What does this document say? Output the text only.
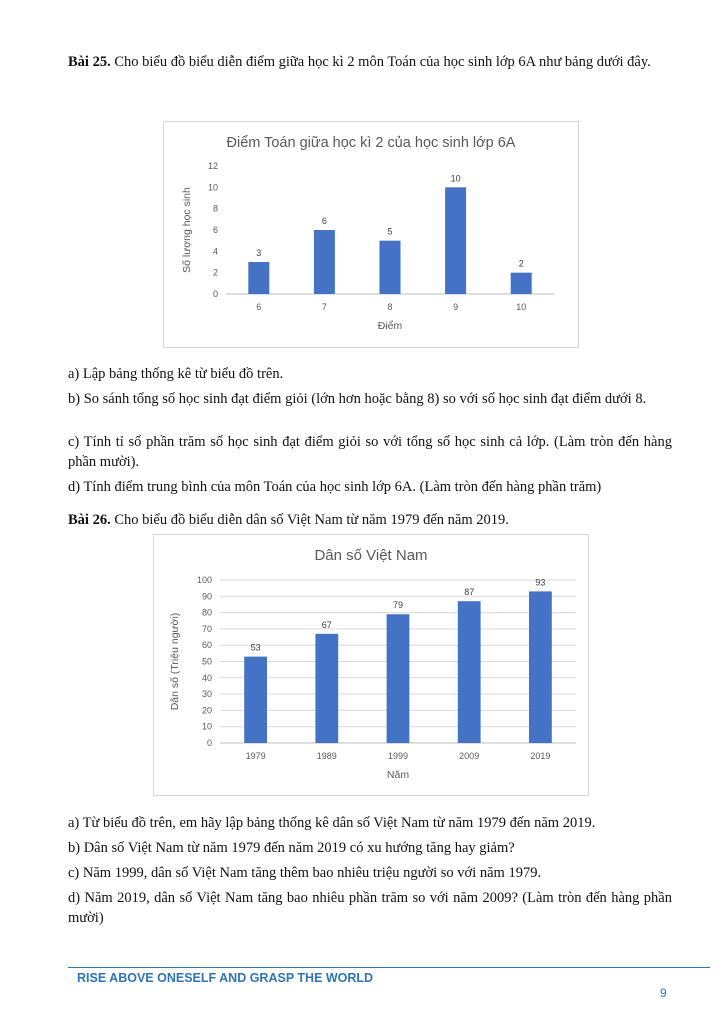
Bài 25. Cho biểu đồ biểu diễn điểm giữa học kì 2 môn Toán của học sinh lớp 6A như bảng dưới đây.

Điểm Toán giữa học kì 2 của học sinh lớp 6A
0
2
4
6
8
10
12
3
6
6
7
5
8
10
9
2
10
Điểm
Số lượng học sinh

a) Lập bảng thống kê từ biểu đồ trên.

b) So sánh tổng số học sinh đạt điểm giỏi (lớn hơn hoặc bằng 8) so với số học sinh đạt điểm dưới 8.

c) Tính tỉ số phần trăm số học sinh đạt điểm giỏi so với tổng số học sinh cả lớp. (Làm tròn đến hàng phần mười).

d) Tính điểm trung bình của môn Toán của học sinh lớp 6A. (Làm tròn đến hàng phần trăm)

Bài 26. Cho biểu đồ biểu diễn dân số Việt Nam từ năm 1979 đến năm 2019.

Dân số Việt Nam
0
10
20
30
40
50
60
70
80
90
100
53
1979
67
1989
79
1999
87
2009
93
2019
Năm
Dân số (Triệu người)

a) Từ biểu đồ trên, em hãy lập bảng thống kê dân số Việt Nam từ năm 1979 đến năm 2019.

b) Dân số Việt Nam từ năm 1979 đến năm 2019 có xu hướng tăng hay giảm?

c) Năm 1999, dân số Việt Nam tăng thêm bao nhiêu triệu người so với năm 1979.

d) Năm 2019, dân số Việt Nam tăng bao nhiêu phần trăm so với năm 2009? (Làm tròn đến hàng phần mười)

RISE ABOVE ONESELF AND GRASP THE WORLD
9
